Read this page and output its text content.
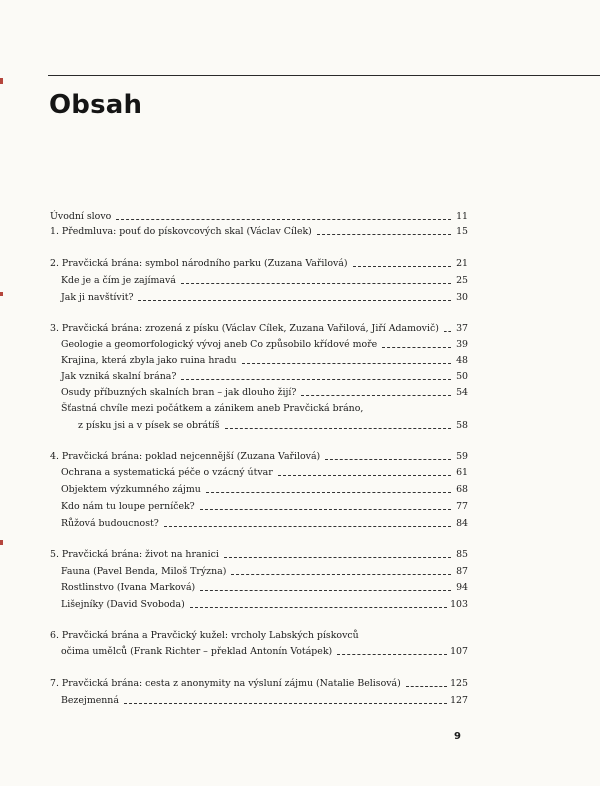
Obsah
Úvodní slovo	11
1. Předmluva: pouť do pískovcových skal (Václav Cílek)	15
2. Pravčická brána: symbol národního parku (Zuzana Vařilová)	21
Kde je a čím je zajímavá	25
Jak ji navštívit?	30
3. Pravčická brána: zrozená z písku (Václav Cílek, Zuzana Vařilová, Jiří Adamovič) 37
Geologie a geomorfologický vývoj aneb Co způsobilo křídové moře	39
Krajina, která zbyla jako ruina hradu	48
Jak vzniká skalní brána?	50
Osudy příbuzných skalních bran – jak dlouho žijí?	54
Šťastná chvíle mezi počátkem a zánikem aneb Pravčická bráno,
z písku jsi a v písek se obrátíš	58
4. Pravčická brána: poklad nejcennější (Zuzana Vařilová)	59
Ochrana a systematická péče o vzácný útvar	61
Objektem výzkumného zájmu	68
Kdo nám tu loupe perníček?	77
Růžová budoucnost?	84
5. Pravčická brána: život na hranici	85
Fauna (Pavel Benda, Miloš Trýzna)	87
Rostlinstvo (Ivana Marková)	94
Lišejníky (David Svoboda)	103
6. Pravčická brána a Pravčický kužel: vrcholy Labských pískovců
očima umělců (Frank Richter – překlad Antonín Votápek)	107
7. Pravčická brána: cesta z anonymity na výsluní zájmu (Natalie Belisová)	125
Bezejmenná	127
9
